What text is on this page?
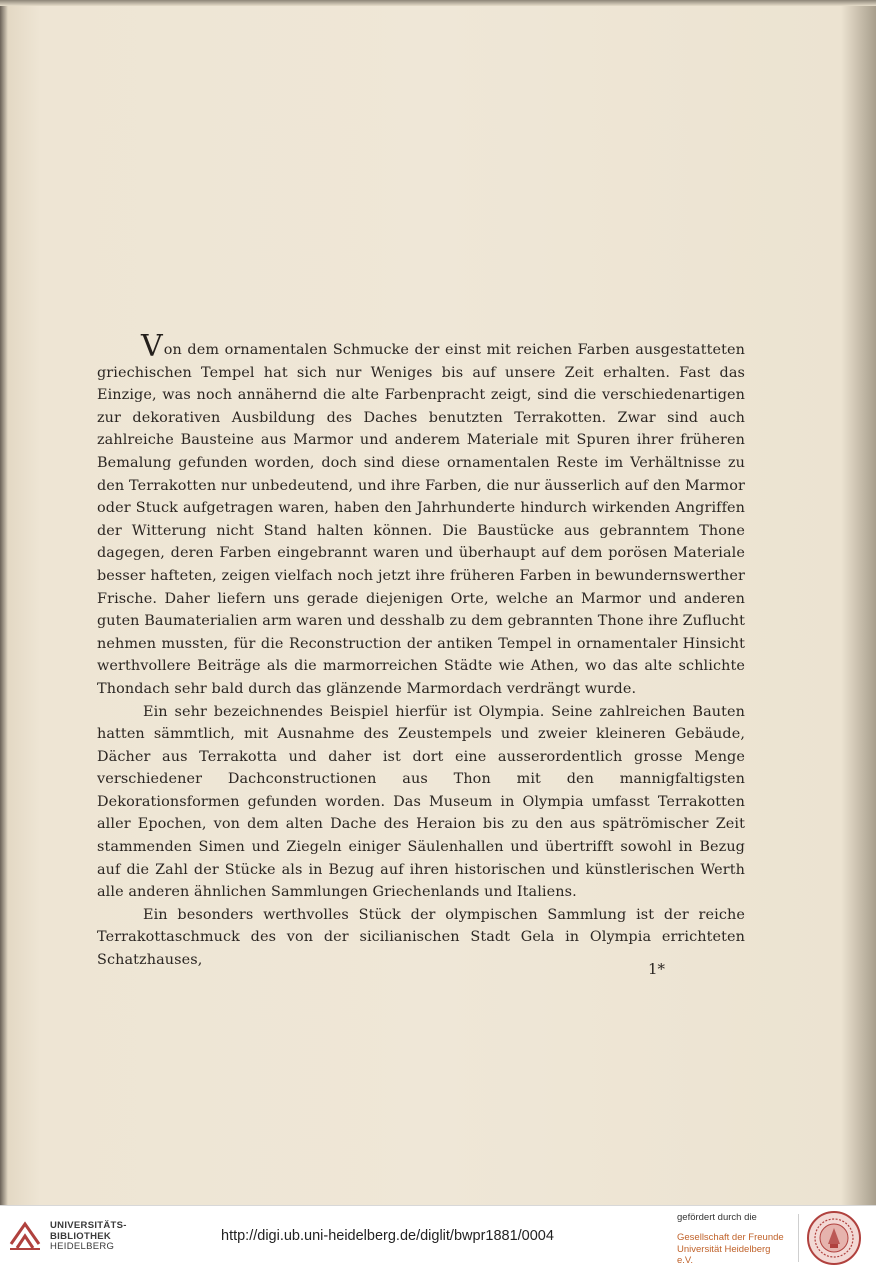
Von dem ornamentalen Schmucke der einst mit reichen Farben ausgestatteten griechischen Tempel hat sich nur Weniges bis auf unsere Zeit erhalten. Fast das Einzige, was noch annähernd die alte Farbenpracht zeigt, sind die verschiedenartigen zur dekorativen Ausbildung des Daches benutzten Terrakotten. Zwar sind auch zahlreiche Bausteine aus Marmor und anderem Materiale mit Spuren ihrer früheren Bemalung gefunden worden, doch sind diese ornamentalen Reste im Verhältnisse zu den Terrakotten nur unbedeutend, und ihre Farben, die nur äusserlich auf den Marmor oder Stuck aufgetragen waren, haben den Jahrhunderte hindurch wirkenden Angriffen der Witterung nicht Stand halten können. Die Baustücke aus gebranntem Thone dagegen, deren Farben eingebrannt waren und überhaupt auf dem porösen Materiale besser hafteten, zeigen vielfach noch jetzt ihre früheren Farben in bewundernswerther Frische. Daher liefern uns gerade diejenigen Orte, welche an Marmor und anderen guten Baumaterialien arm waren und desshalb zu dem gebrannten Thone ihre Zuflucht nehmen mussten, für die Reconstruction der antiken Tempel in ornamentaler Hinsicht werthvollere Beiträge als die marmorreichen Städte wie Athen, wo das alte schlichte Thondach sehr bald durch das glänzende Marmordach verdrängt wurde.

Ein sehr bezeichnendes Beispiel hierfür ist Olympia. Seine zahlreichen Bauten hatten sämmtlich, mit Ausnahme des Zeustempels und zweier kleineren Gebäude, Dächer aus Terrakotta und daher ist dort eine ausserordentlich grosse Menge verschiedener Dachconstructionen aus Thon mit den mannigfaltigsten Dekorationsformen gefunden worden. Das Museum in Olympia umfasst Terrakotten aller Epochen, von dem alten Dache des Heraion bis zu den aus spätrömischer Zeit stammenden Simen und Ziegeln einiger Säulenhallen und übertrifft sowohl in Bezug auf die Zahl der Stücke als in Bezug auf ihren historischen und künstlerischen Werth alle anderen ähnlichen Sammlungen Griechenlands und Italiens.

Ein besonders werthvolles Stück der olympischen Sammlung ist der reiche Terrakottaschmuck des von der sicilianischen Stadt Gela in Olympia errichteten Schatzhauses,	1*
UNIVERSITÄTS-
BIBLIOTHEK
HEIDELBERG
http://digi.ub.uni-heidelberg.de/diglit/bwpr1881/0004
gefördert durch die
Gesellschaft der Freunde
Universität Heidelberg e.V.
